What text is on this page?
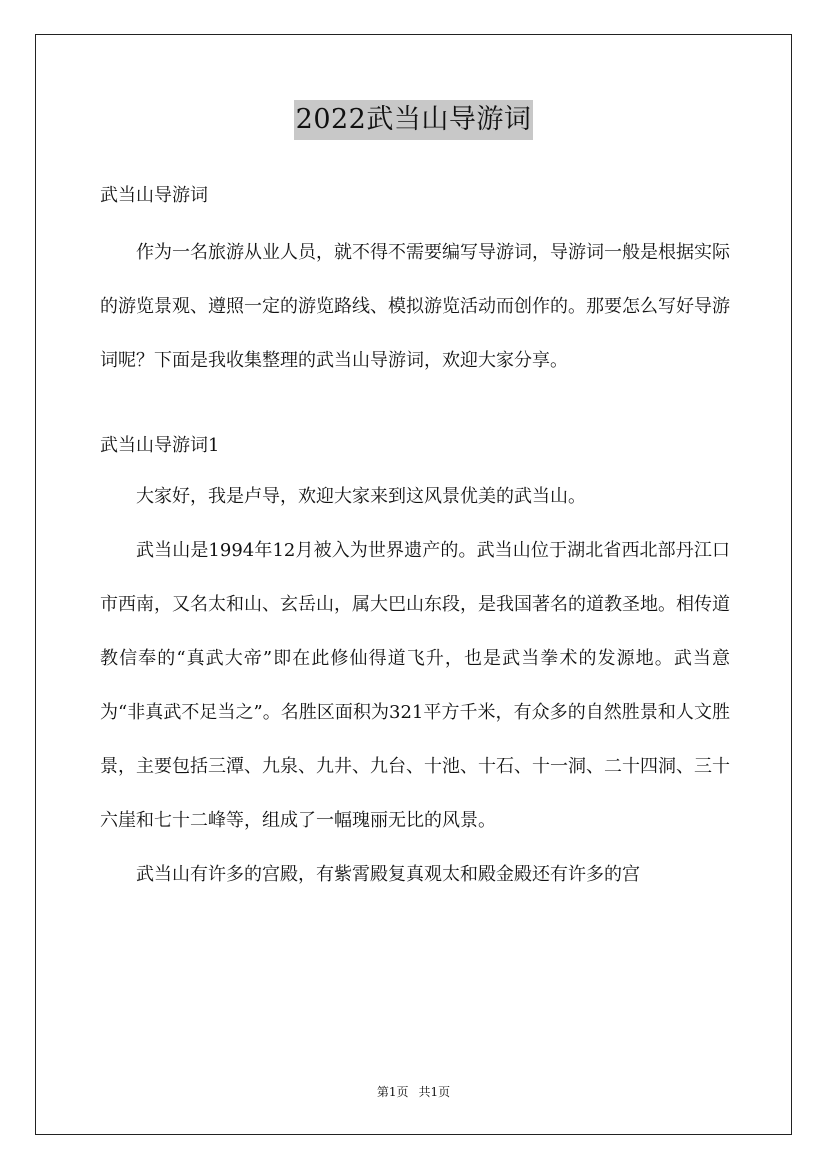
2022武当山导游词
武当山导游词
作为一名旅游从业人员，就不得不需要编写导游词，导游词一般是根据实际的游览景观、遵照一定的游览路线、模拟游览活动而创作的。那要怎么写好导游词呢？下面是我收集整理的武当山导游词，欢迎大家分享。
武当山导游词1
大家好，我是卢导，欢迎大家来到这风景优美的武当山。
武当山是1994年12月被入为世界遗产的。武当山位于湖北省西北部丹江口市西南，又名太和山、玄岳山，属大巴山东段，是我国著名的道教圣地。相传道教信奉的“真武大帝”即在此修仙得道飞升，也是武当拳术的发源地。武当意为“非真武不足当之”。名胜区面积为321平方千米，有众多的自然胜景和人文胜景，主要包括三潭、九泉、九井、九台、十池、十石、十一洞、二十四洞、三十六崖和七十二峰等，组成了一幅瑰丽无比的风景。
武当山有许多的宫殿，有紫霄殿复真观太和殿金殿还有许多的宫
第1页 共1页
